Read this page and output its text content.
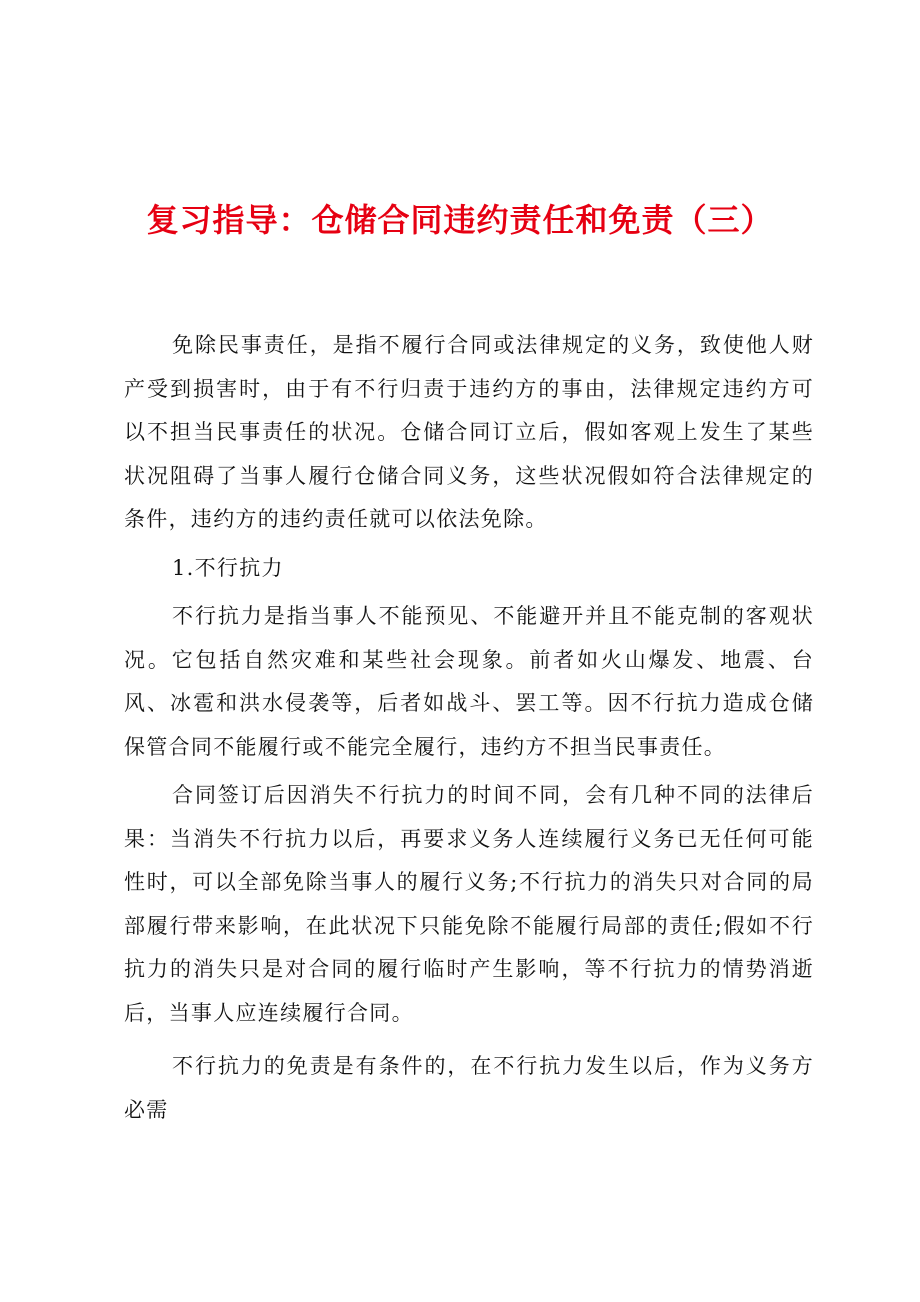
复习指导：仓储合同违约责任和免责（三）

免除民事责任，是指不履行合同或法律规定的义务，致使他人财产受到损害时，由于有不行归责于违约方的事由，法律规定违约方可以不担当民事责任的状况。仓储合同订立后，假如客观上发生了某些状况阻碍了当事人履行仓储合同义务，这些状况假如符合法律规定的条件，违约方的违约责任就可以依法免除。

1.不行抗力

不行抗力是指当事人不能预见、不能避开并且不能克制的客观状况。它包括自然灾难和某些社会现象。前者如火山爆发、地震、台风、冰雹和洪水侵袭等，后者如战斗、罢工等。因不行抗力造成仓储保管合同不能履行或不能完全履行，违约方不担当民事责任。

合同签订后因消失不行抗力的时间不同，会有几种不同的法律后果：当消失不行抗力以后，再要求义务人连续履行义务已无任何可能性时，可以全部免除当事人的履行义务;不行抗力的消失只对合同的局部履行带来影响，在此状况下只能免除不能履行局部的责任;假如不行抗力的消失只是对合同的履行临时产生影响，等不行抗力的情势消逝后，当事人应连续履行合同。

不行抗力的免责是有条件的，在不行抗力发生以后，作为义务方必需
